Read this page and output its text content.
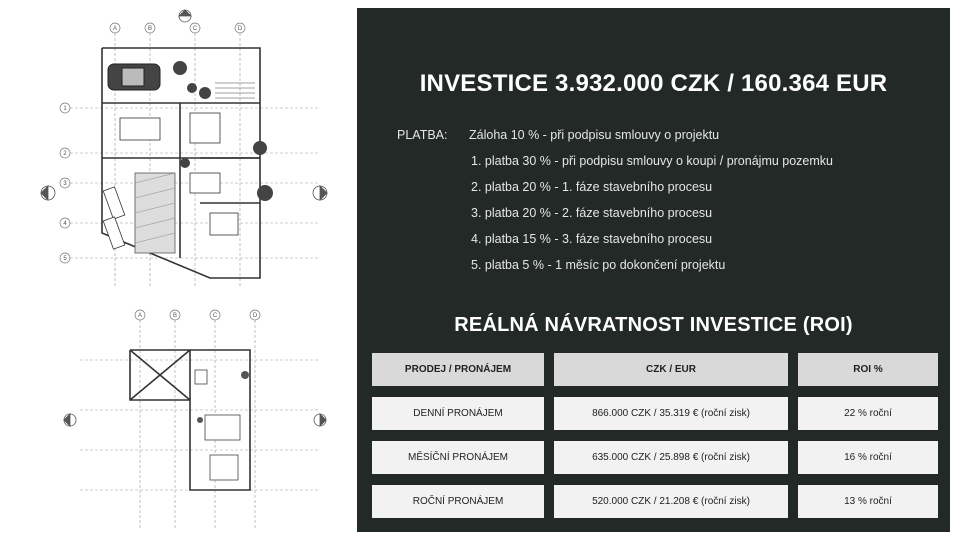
A	B	C	D
1
2
3
4
5
A	B	C	D
INVESTICE 3.932.000 CZK / 160.364 EUR
PLATBA: Záloha 10 % - při podpisu smlouvy o projektu
1. platba 30 % - při podpisu smlouvy o koupi / pronájmu pozemku
2. platba 20 % - 1. fáze stavebního procesu
3. platba 20 % - 2. fáze stavebního procesu
4. platba 15 % - 3. fáze stavebního procesu
5. platba 5 % - 1 měsíc po dokončení projektu
REÁLNÁ NÁVRATNOST INVESTICE (ROI)
PRODEJ / PRONÁJEM	CZK / EUR	ROI %
DENNÍ PRONÁJEM	866.000 CZK / 35.319 € (roční zisk)	22 % roční
MĚSÍČNÍ PRONÁJEM	635.000 CZK / 25.898 € (roční zisk)	16 % roční
ROČNÍ PRONÁJEM	520.000 CZK / 21.208 € (roční zisk)	13 % roční
